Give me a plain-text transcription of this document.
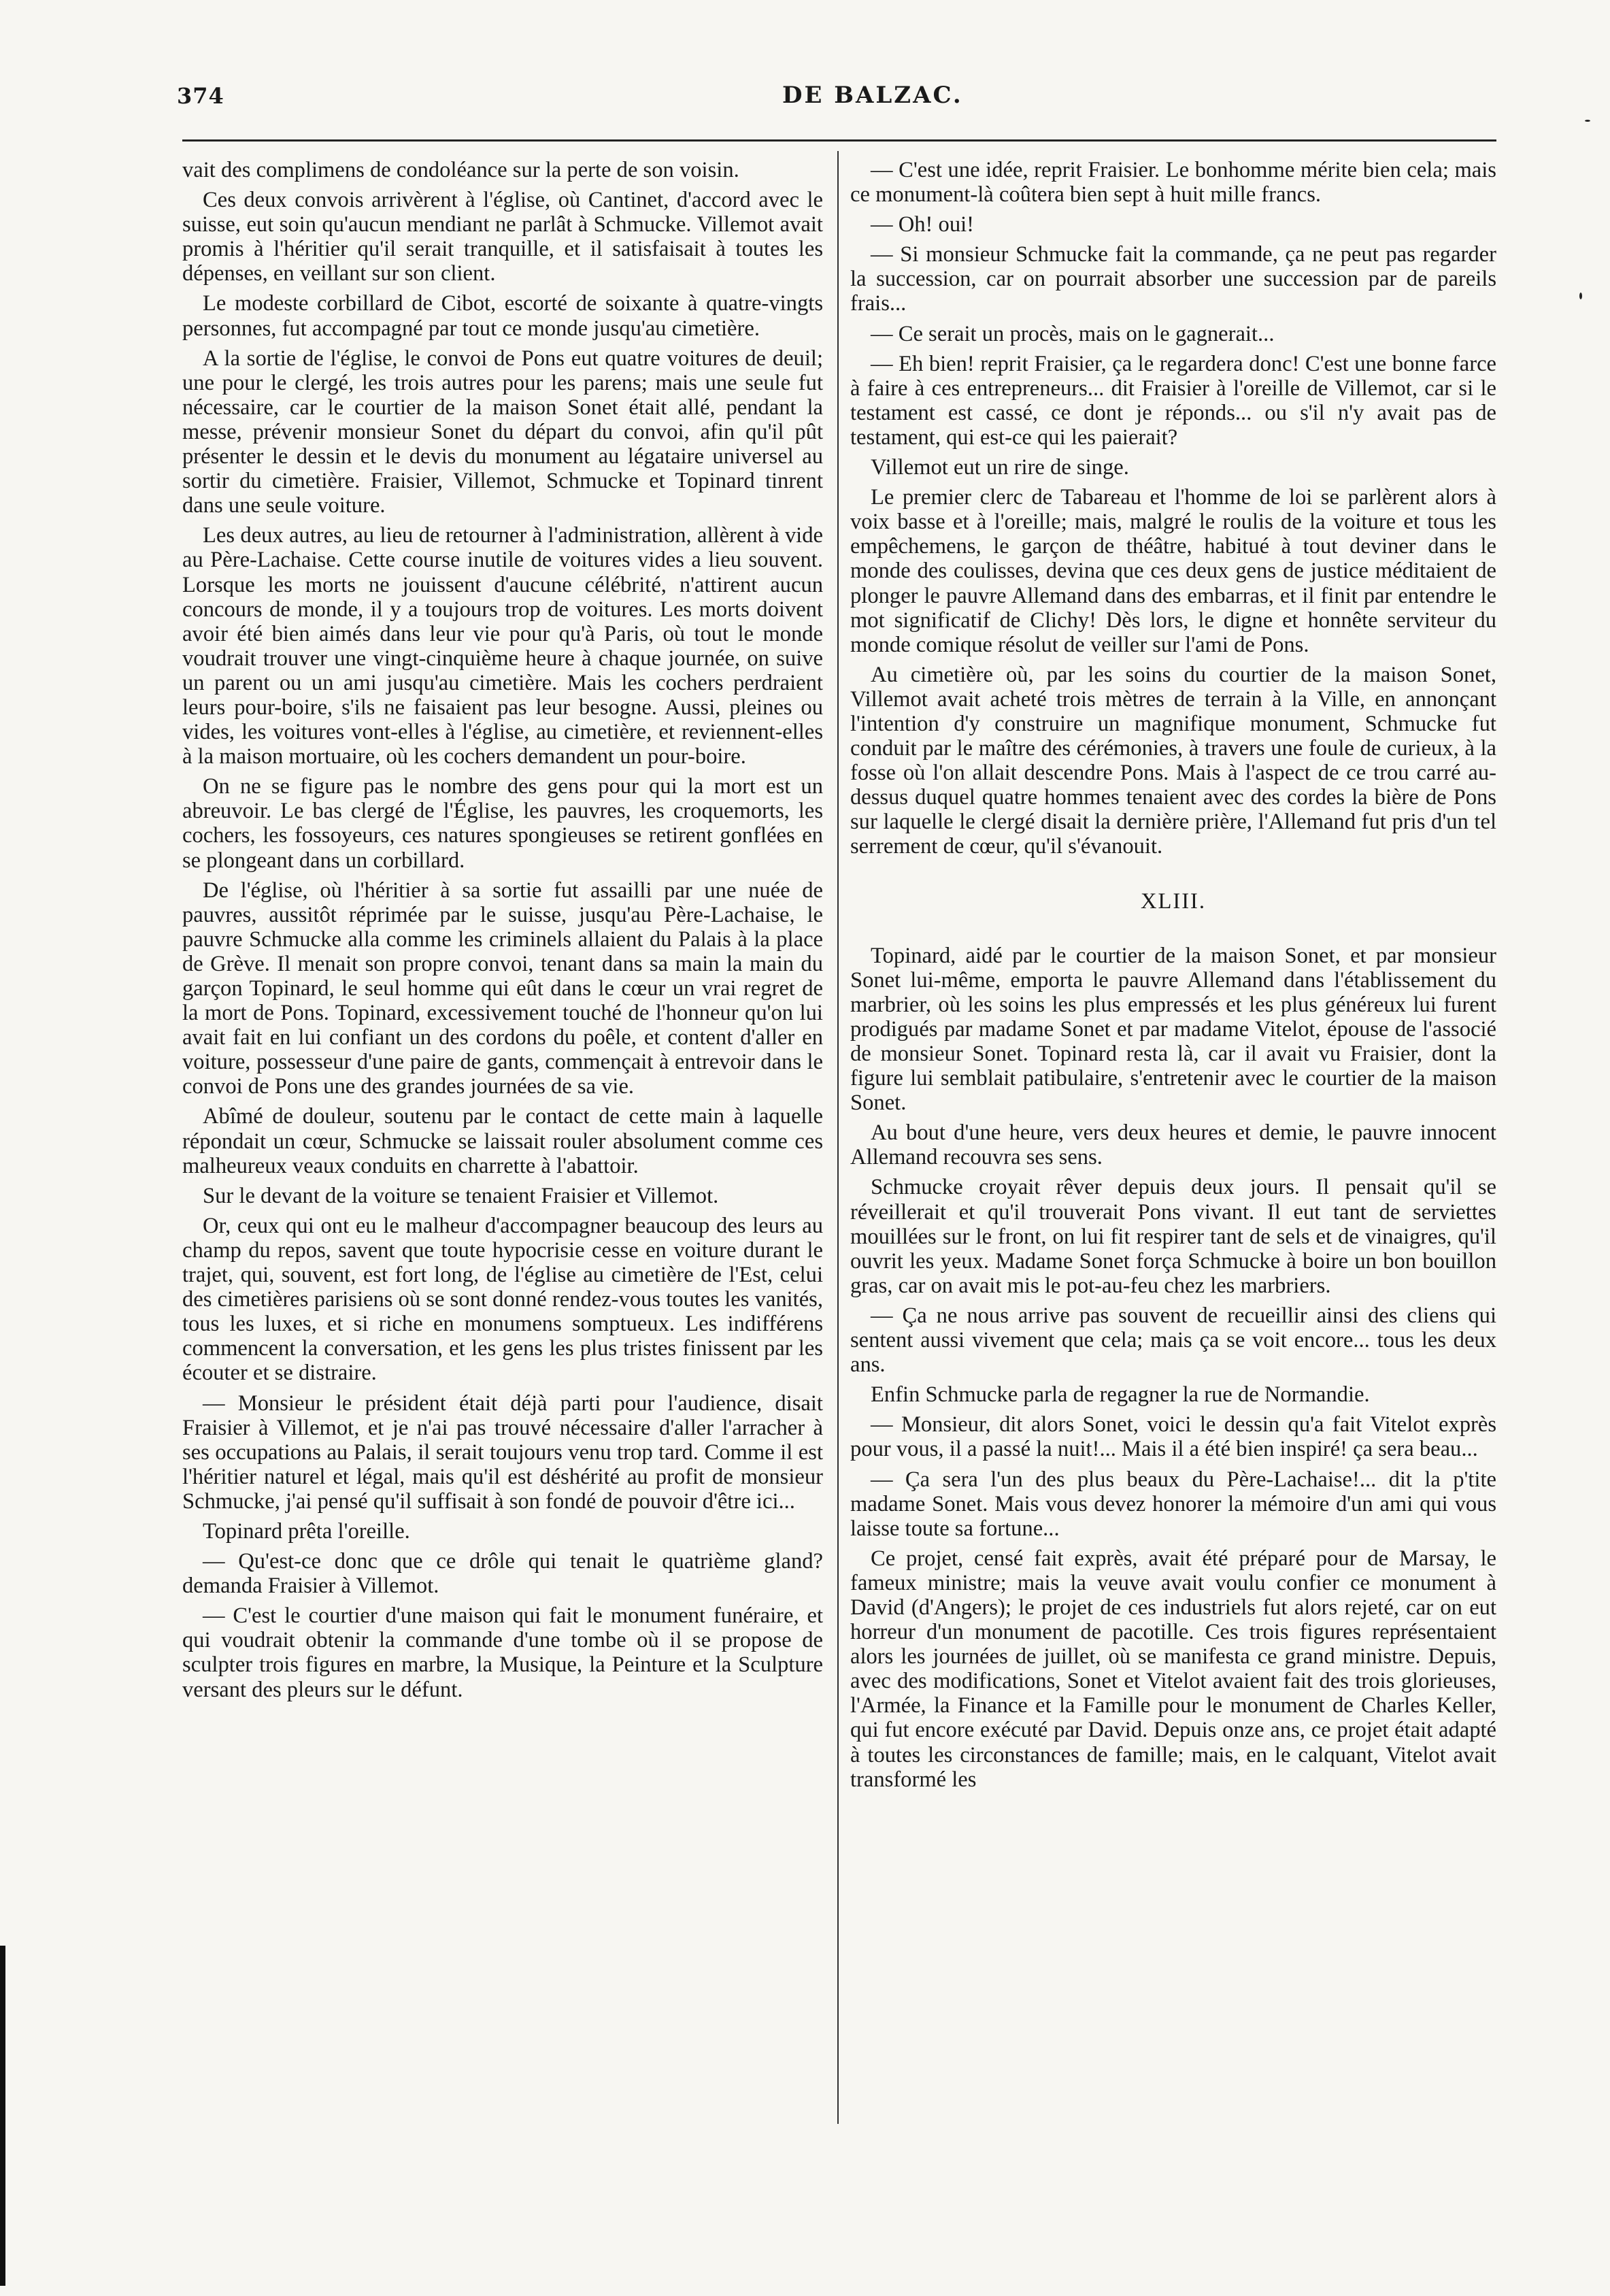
374	DE BALZAC.

vait des complimens de condoléance sur la perte de son voisin.

Ces deux convois arrivèrent à l'église, où Cantinet, d'accord avec le suisse, eut soin qu'aucun mendiant ne parlât à Schmucke. Villemot avait promis à l'héritier qu'il serait tranquille, et il satisfaisait à toutes les dépenses, en veillant sur son client.

Le modeste corbillard de Cibot, escorté de soixante à quatre-vingts personnes, fut accompagné par tout ce monde jusqu'au cimetière.

A la sortie de l'église, le convoi de Pons eut quatre voitures de deuil; une pour le clergé, les trois autres pour les parens; mais une seule fut nécessaire, car le courtier de la maison Sonet était allé, pendant la messe, prévenir monsieur Sonet du départ du convoi, afin qu'il pût présenter le dessin et le devis du monument au légataire universel au sortir du cimetière. Fraisier, Villemot, Schmucke et Topinard tinrent dans une seule voiture.

Les deux autres, au lieu de retourner à l'administration, allèrent à vide au Père-Lachaise. Cette course inutile de voitures vides a lieu souvent. Lorsque les morts ne jouissent d'aucune célébrité, n'attirent aucun concours de monde, il y a toujours trop de voitures. Les morts doivent avoir été bien aimés dans leur vie pour qu'à Paris, où tout le monde voudrait trouver une vingt-cinquième heure à chaque journée, on suive un parent ou un ami jusqu'au cimetière. Mais les cochers perdraient leurs pour-boire, s'ils ne faisaient pas leur besogne. Aussi, pleines ou vides, les voitures vont-elles à l'église, au cimetière, et reviennent-elles à la maison mortuaire, où les cochers demandent un pour-boire.

On ne se figure pas le nombre des gens pour qui la mort est un abreuvoir. Le bas clergé de l'Église, les pauvres, les croquemorts, les cochers, les fossoyeurs, ces natures spongieuses se retirent gonflées en se plongeant dans un corbillard.

De l'église, où l'héritier à sa sortie fut assailli par une nuée de pauvres, aussitôt réprimée par le suisse, jusqu'au Père-Lachaise, le pauvre Schmucke alla comme les criminels allaient du Palais à la place de Grève. Il menait son propre convoi, tenant dans sa main la main du garçon Topinard, le seul homme qui eût dans le cœur un vrai regret de la mort de Pons. Topinard, excessivement touché de l'honneur qu'on lui avait fait en lui confiant un des cordons du poêle, et content d'aller en voiture, possesseur d'une paire de gants, commençait à entrevoir dans le convoi de Pons une des grandes journées de sa vie.

Abîmé de douleur, soutenu par le contact de cette main à laquelle répondait un cœur, Schmucke se laissait rouler absolument comme ces malheureux veaux conduits en charrette à l'abattoir.

Sur le devant de la voiture se tenaient Fraisier et Villemot.

Or, ceux qui ont eu le malheur d'accompagner beaucoup des leurs au champ du repos, savent que toute hypocrisie cesse en voiture durant le trajet, qui, souvent, est fort long, de l'église au cimetière de l'Est, celui des cimetières parisiens où se sont donné rendez-vous toutes les vanités, tous les luxes, et si riche en monumens somptueux. Les indifférens commencent la conversation, et les gens les plus tristes finissent par les écouter et se distraire.

— Monsieur le président était déjà parti pour l'audience, disait Fraisier à Villemot, et je n'ai pas trouvé nécessaire d'aller l'arracher à ses occupations au Palais, il serait toujours venu trop tard. Comme il est l'héritier naturel et légal, mais qu'il est déshérité au profit de monsieur Schmucke, j'ai pensé qu'il suffisait à son fondé de pouvoir d'être ici...

Topinard prêta l'oreille.

— Qu'est-ce donc que ce drôle qui tenait le quatrième gland? demanda Fraisier à Villemot.

— C'est le courtier d'une maison qui fait le monument funéraire, et qui voudrait obtenir la commande d'une tombe où il se propose de sculpter trois figures en marbre, la Musique, la Peinture et la Sculpture versant des pleurs sur le défunt.

— C'est une idée, reprit Fraisier. Le bonhomme mérite bien cela; mais ce monument-là coûtera bien sept à huit mille francs.

— Oh! oui!

— Si monsieur Schmucke fait la commande, ça ne peut pas regarder la succession, car on pourrait absorber une succession par de pareils frais...

— Ce serait un procès, mais on le gagnerait...

— Eh bien! reprit Fraisier, ça le regardera donc! C'est une bonne farce à faire à ces entrepreneurs... dit Fraisier à l'oreille de Villemot, car si le testament est cassé, ce dont je réponds... ou s'il n'y avait pas de testament, qui est-ce qui les paierait?

Villemot eut un rire de singe.

Le premier clerc de Tabareau et l'homme de loi se parlèrent alors à voix basse et à l'oreille; mais, malgré le roulis de la voiture et tous les empêchemens, le garçon de théâtre, habitué à tout deviner dans le monde des coulisses, devina que ces deux gens de justice méditaient de plonger le pauvre Allemand dans des embarras, et il finit par entendre le mot significatif de Clichy! Dès lors, le digne et honnête serviteur du monde comique résolut de veiller sur l'ami de Pons.

Au cimetière où, par les soins du courtier de la maison Sonet, Villemot avait acheté trois mètres de terrain à la Ville, en annonçant l'intention d'y construire un magnifique monument, Schmucke fut conduit par le maître des cérémonies, à travers une foule de curieux, à la fosse où l'on allait descendre Pons. Mais à l'aspect de ce trou carré au-dessus duquel quatre hommes tenaient avec des cordes la bière de Pons sur laquelle le clergé disait la dernière prière, l'Allemand fut pris d'un tel serrement de cœur, qu'il s'évanouit.

XLIII.

Topinard, aidé par le courtier de la maison Sonet, et par monsieur Sonet lui-même, emporta le pauvre Allemand dans l'établissement du marbrier, où les soins les plus empressés et les plus généreux lui furent prodigués par madame Sonet et par madame Vitelot, épouse de l'associé de monsieur Sonet. Topinard resta là, car il avait vu Fraisier, dont la figure lui semblait patibulaire, s'entretenir avec le courtier de la maison Sonet.

Au bout d'une heure, vers deux heures et demie, le pauvre innocent Allemand recouvra ses sens.

Schmucke croyait rêver depuis deux jours. Il pensait qu'il se réveillerait et qu'il trouverait Pons vivant. Il eut tant de serviettes mouillées sur le front, on lui fit respirer tant de sels et de vinaigres, qu'il ouvrit les yeux. Madame Sonet força Schmucke à boire un bon bouillon gras, car on avait mis le pot-au-feu chez les marbriers.

— Ça ne nous arrive pas souvent de recueillir ainsi des cliens qui sentent aussi vivement que cela; mais ça se voit encore... tous les deux ans.

Enfin Schmucke parla de regagner la rue de Normandie.

— Monsieur, dit alors Sonet, voici le dessin qu'a fait Vitelot exprès pour vous, il a passé la nuit!... Mais il a été bien inspiré! ça sera beau...

— Ça sera l'un des plus beaux du Père-Lachaise!... dit la p'tite madame Sonet. Mais vous devez honorer la mémoire d'un ami qui vous laisse toute sa fortune...

Ce projet, censé fait exprès, avait été préparé pour de Marsay, le fameux ministre; mais la veuve avait voulu confier ce monument à David (d'Angers); le projet de ces industriels fut alors rejeté, car on eut horreur d'un monument de pacotille. Ces trois figures représentaient alors les journées de juillet, où se manifesta ce grand ministre. Depuis, avec des modifications, Sonet et Vitelot avaient fait des trois glorieuses, l'Armée, la Finance et la Famille pour le monument de Charles Keller, qui fut encore exécuté par David. Depuis onze ans, ce projet était adapté à toutes les circonstances de famille; mais, en le calquant, Vitelot avait transformé les
